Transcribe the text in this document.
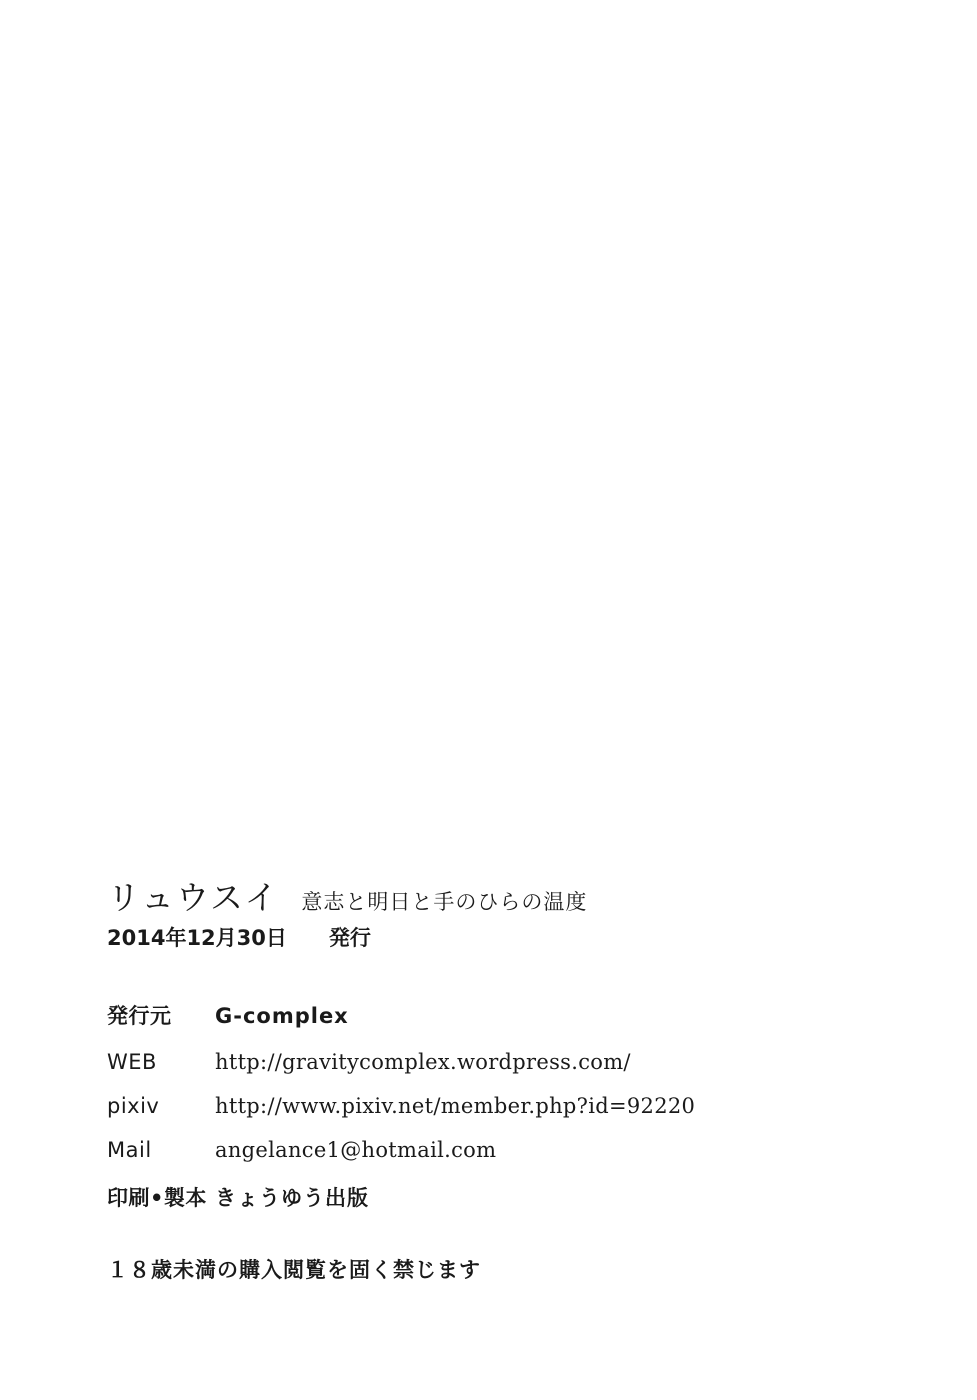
リュウスイ 意志と明日と手のひらの温度
2014年12月30日 発行
発行元	G-complex
WEB	http://gravitycomplex.wordpress.com/
pixiv	http://www.pixiv.net/member.php?id=92220
Mail	angelance1@hotmail.com
印刷•製本 きょうゆう出版
１８歳未満の購入閲覧を固く禁じます
